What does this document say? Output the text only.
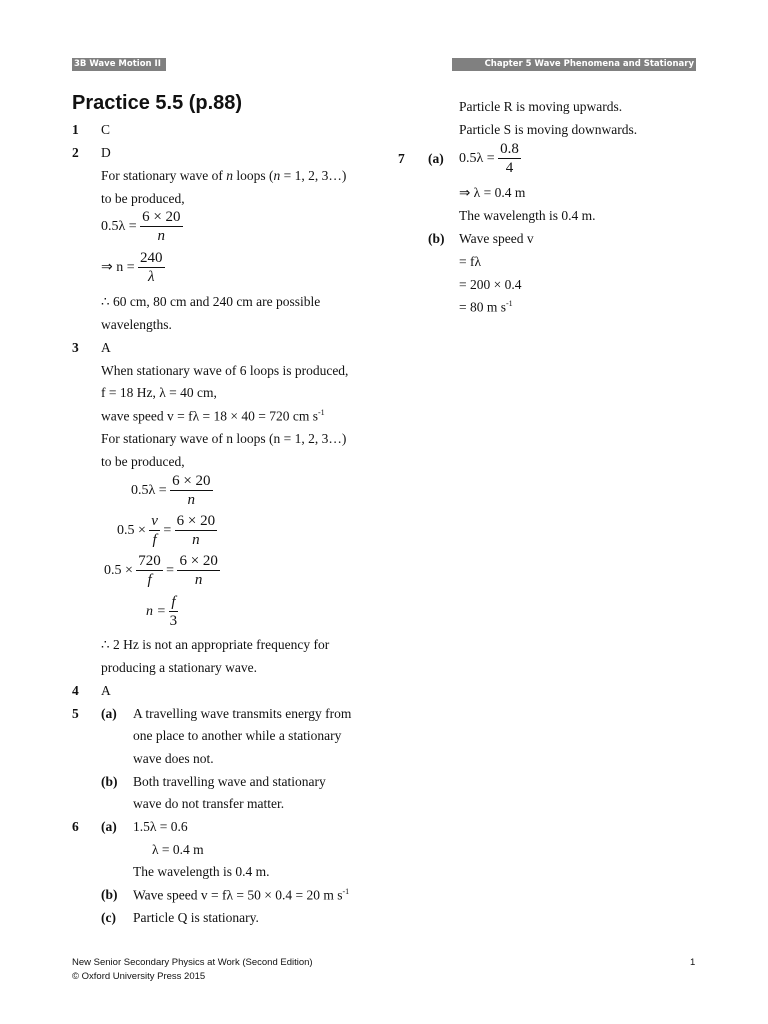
3B Wave Motion II	Chapter 5 Wave Phenomena and Stationary Waves
Practice 5.5 (p.88)
1 C
2 D
For stationary wave of n loops (n = 1, 2, 3…)
to be produced,
$0.5\lambda = \frac{6 \times 20}{n}$
⇒ $n = \frac{240}{\lambda}$
∴ 60 cm, 80 cm and 240 cm are possible
wavelengths.
3 A
When stationary wave of 6 loops is produced,
f = 18 Hz, λ = 40 cm,
wave speed v = fλ = 18 × 40 = 720 cm $s^{-1}$
For stationary wave of n loops (n = 1, 2, 3…)
to be produced,
$0.5\lambda = \frac{6 \times 20}{n}$
$0.5 \times \frac{v}{f} = \frac{6 \times 20}{n}$
$0.5 \times \frac{720}{f} = \frac{6 \times 20}{n}$
$n = \frac{f}{3}$
∴ 2 Hz is not an appropriate frequency for
producing a stationary wave.
4 A
5 (a) A travelling wave transmits energy from
one place to another while a stationary
wave does not.
(b) Both travelling wave and stationary
wave do not transfer matter.
6 (a) 1.5λ = 0.6
λ = 0.4 m
The wavelength is 0.4 m.
(b) Wave speed v = fλ = 50 × 0.4 = 20 m $s^{-1}$
(c) Particle Q is stationary.
Particle R is moving upwards.
Particle S is moving downwards.
7 (a) $0.5\lambda = \frac{0.8}{4}$
⇒ λ = 0.4 m
The wavelength is 0.4 m.
(b) Wave speed v
= fλ
= 200 × 0.4
= 80 m $s^{-1}$
New Senior Secondary Physics at Work (Second Edition)
© Oxford University Press 2015
1
